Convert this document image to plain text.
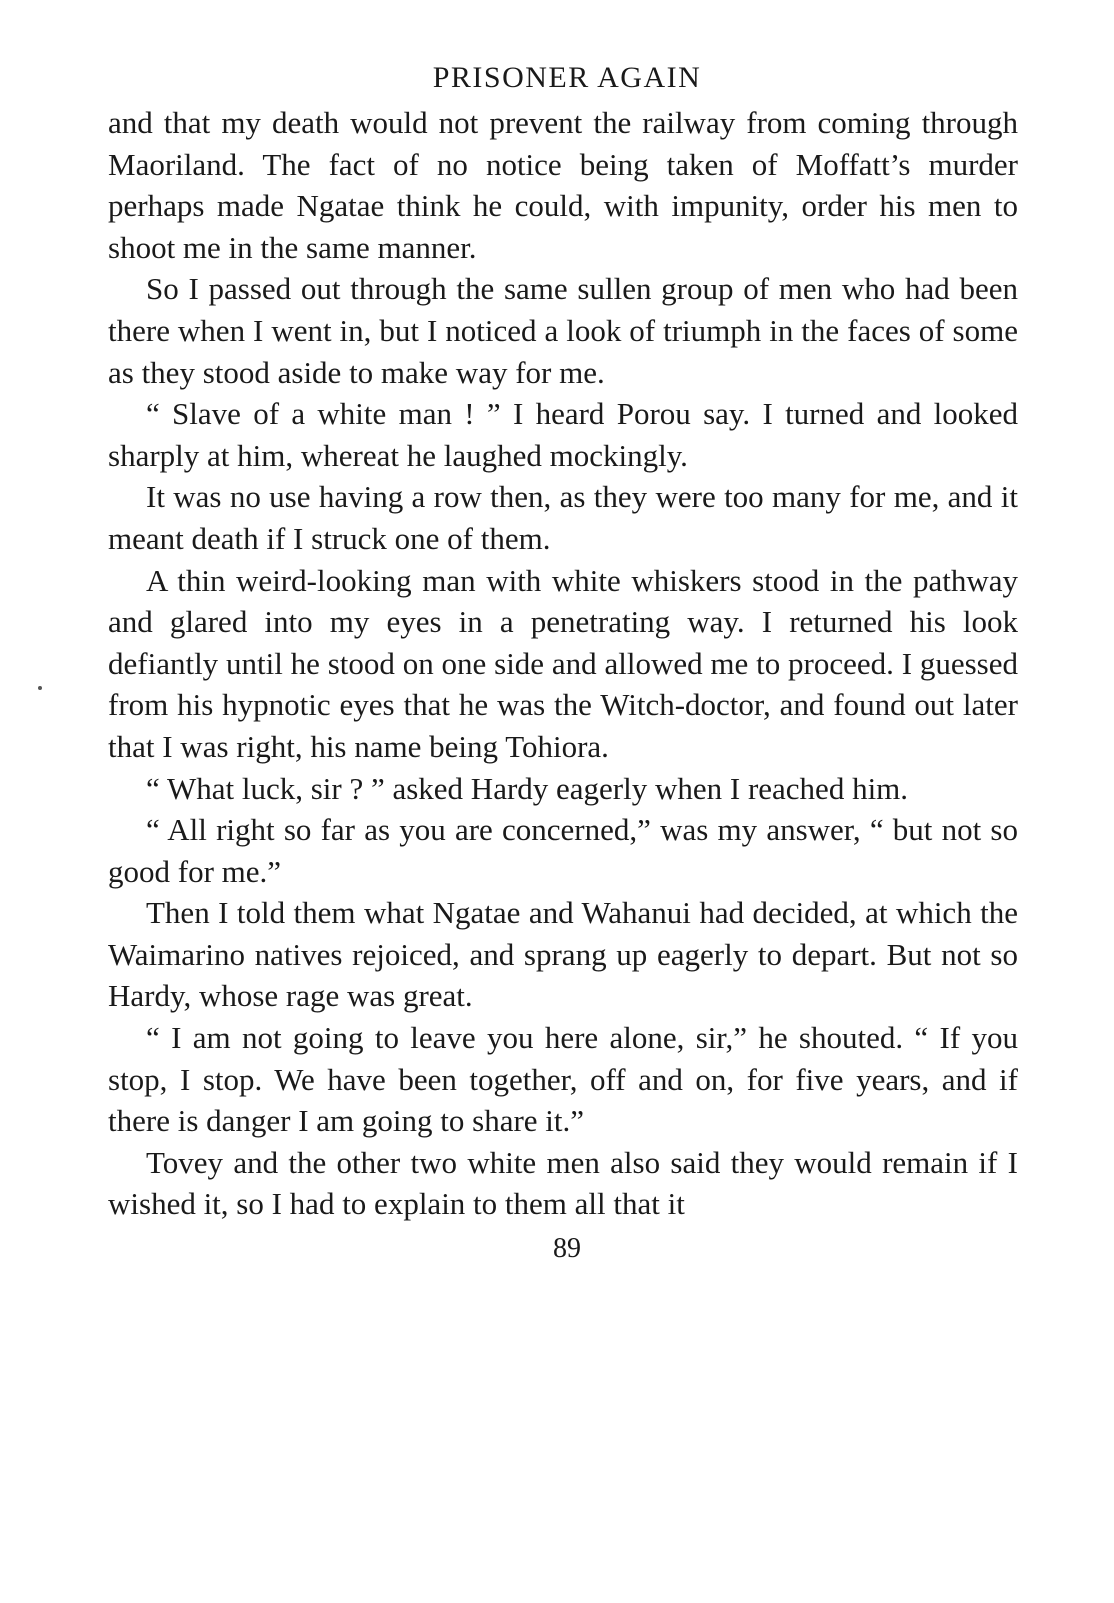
PRISONER AGAIN

and that my death would not prevent the railway from coming through Maoriland. The fact of no notice being taken of Moffatt’s murder perhaps made Ngatae think he could, with impunity, order his men to shoot me in the same manner.

So I passed out through the same sullen group of men who had been there when I went in, but I noticed a look of triumph in the faces of some as they stood aside to make way for me.

“ Slave of a white man ! ” I heard Porou say. I turned and looked sharply at him, whereat he laughed mockingly.

It was no use having a row then, as they were too many for me, and it meant death if I struck one of them.

A thin weird-looking man with white whiskers stood in the pathway and glared into my eyes in a penetrating way. I returned his look defiantly until he stood on one side and allowed me to proceed. I guessed from his hypnotic eyes that he was the Witch-doctor, and found out later that I was right, his name being Tohiora.

“ What luck, sir ? ” asked Hardy eagerly when I reached him.

“ All right so far as you are concerned,” was my answer, “ but not so good for me.”

Then I told them what Ngatae and Wahanui had decided, at which the Waimarino natives rejoiced, and sprang up eagerly to depart. But not so Hardy, whose rage was great.

“ I am not going to leave you here alone, sir,” he shouted. “ If you stop, I stop. We have been together, off and on, for five years, and if there is danger I am going to share it.”

Tovey and the other two white men also said they would remain if I wished it, so I had to explain to them all that it

89
